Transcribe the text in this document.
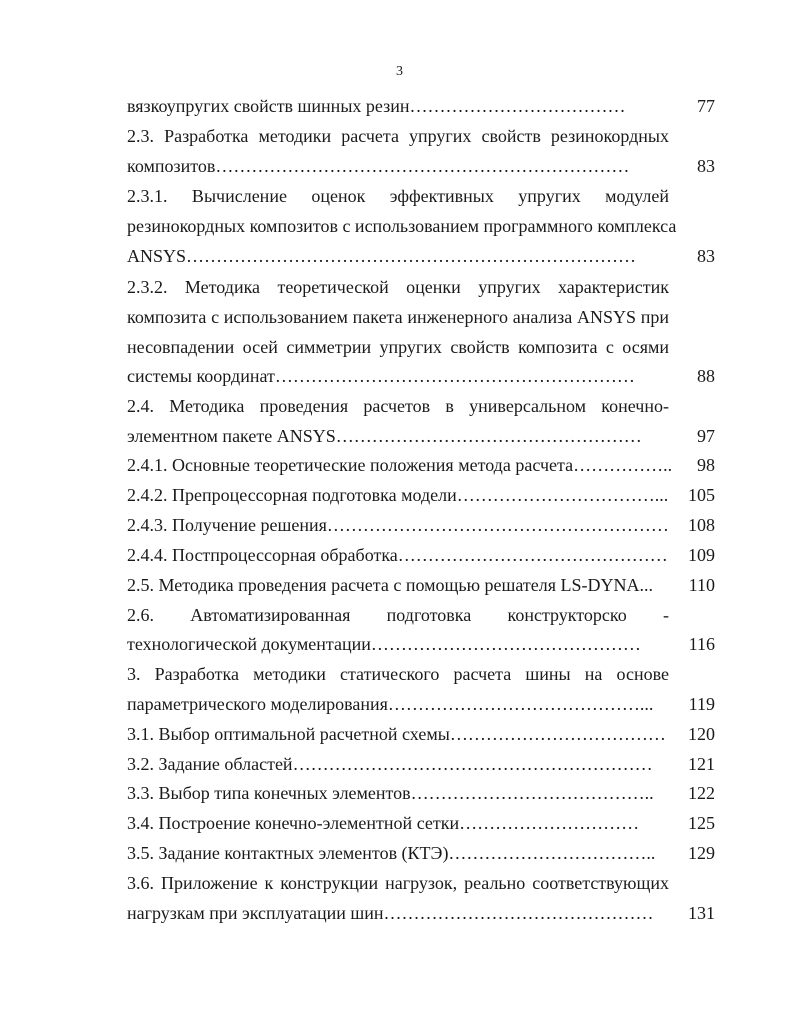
3
вязкоупругих свойств шинных резин………………………………	77
2.3. Разработка методики расчета упругих свойств резинокордных
композитов……………………………………………………………	83
2.3.1. Вычисление оценок эффективных упругих модулей
резинокордных композитов с использованием программного комплекса
ANSYS…………………………………………………………………	83
2.3.2. Методика теоретической оценки упругих характеристик
композита с использованием пакета инженерного анализа ANSYS при
несовпадении осей симметрии упругих свойств композита с осями
системы координат……………………………………………………	88
2.4. Методика проведения расчетов в универсальном конечно-
элементном пакете ANSYS……………………………………………	97
2.4.1. Основные теоретические положения метода расчета…………….. 98
2.4.2. Препроцессорная подготовка модели……………………………... 105
2.4.3. Получение решения………………………………………………… 108
2.4.4. Постпроцессорная обработка……………………………………… 109
2.5. Методика проведения расчета с помощью решателя LS-DYNA... 110
2.6. Автоматизированная подготовка конструкторско -
технологической документации………………………………………	116
3. Разработка методики статического расчета шины на основе
параметрического моделирования……………………………………... 119
3.1. Выбор оптимальной расчетной схемы……………………………… 120
3.2. Задание областей…………………………………………………… 121
3.3. Выбор типа конечных элементов………………………………….. 122
3.4. Построение конечно-элементной сетки…………………………	125
3.5. Задание контактных элементов (КТЭ)…………………………….. 129
3.6. Приложение к конструкции нагрузок, реально соответствующих
нагрузкам при эксплуатации шин……………………………………… 131
